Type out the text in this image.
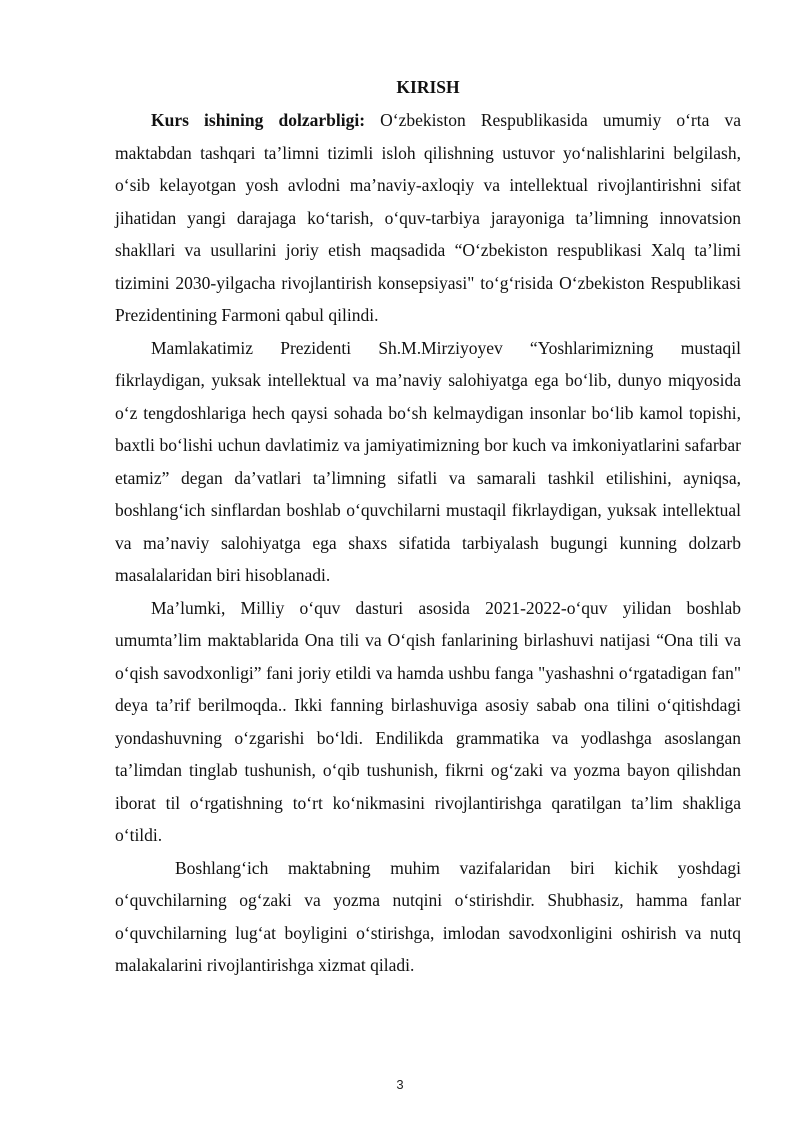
KIRISH

Kurs ishining dolzarbligi: O‘zbekiston Respublikasida umumiy o‘rta va maktabdan tashqari ta’limni tizimli isloh qilishning ustuvor yo‘nalishlarini belgilash, o‘sib kelayotgan yosh avlodni ma’naviy-axloqiy va intellektual rivojlantirishni sifat jihatidan yangi darajaga ko‘tarish, o‘quv-tarbiya jarayoniga ta’limning innovatsion shakllari va usullarini joriy etish maqsadida “O‘zbekiston respublikasi Xalq ta’limi tizimini 2030-yilgacha rivojlantirish konsepsiyasi" to‘g‘risida O‘zbekiston Respublikasi Prezidentining Farmoni qabul qilindi.

Mamlakatimiz Prezidenti Sh.M.Mirziyoyev “Yoshlarimizning mustaqil fikrlaydigan, yuksak intellektual va ma’naviy salohiyatga ega bo‘lib, dunyo miqyosida o‘z tengdoshlariga hech qaysi sohada bo‘sh kelmaydigan insonlar bo‘lib kamol topishi, baxtli bo‘lishi uchun davlatimiz va jamiyatimizning bor kuch va imkoniyatlarini safarbar etamiz” degan da’vatlari ta’limning sifatli va samarali tashkil etilishini, ayniqsa, boshlang‘ich sinflardan boshlab o‘quvchilarni mustaqil fikrlaydigan, yuksak intellektual va ma’naviy salohiyatga ega shaxs sifatida tarbiyalash bugungi kunning dolzarb masalalaridan biri hisoblanadi.

Ma’lumki, Milliy o‘quv dasturi asosida 2021-2022-o‘quv yilidan boshlab umumta’lim maktablarida Ona tili va O‘qish fanlarining birlashuvi natijasi “Ona tili va o‘qish savodxonligi” fani joriy etildi va hamda ushbu fanga "yashashni o‘rgatadigan fan" deya ta’rif berilmoqda.. Ikki fanning birlashuviga asosiy sabab ona tilini o‘qitishdagi yondashuvning o‘zgarishi bo‘ldi. Endilikda grammatika va yodlashga asoslangan ta’limdan tinglab tushunish, o‘qib tushunish, fikrni og‘zaki va yozma bayon qilishdan iborat til o‘rgatishning to‘rt ko‘nikmasini rivojlantirishga qaratilgan ta’lim shakliga o‘tildi.

Boshlang‘ich maktabning muhim vazifalaridan biri kichik yoshdagi o‘quvchilarning og‘zaki va yozma nutqini o‘stirishdir. Shubhasiz, hamma fanlar o‘quvchilarning lug‘at boyligini o‘stirishga, imlodan savodxonligini oshirish va nutq malakalarini rivojlantirishga xizmat qiladi.

3
